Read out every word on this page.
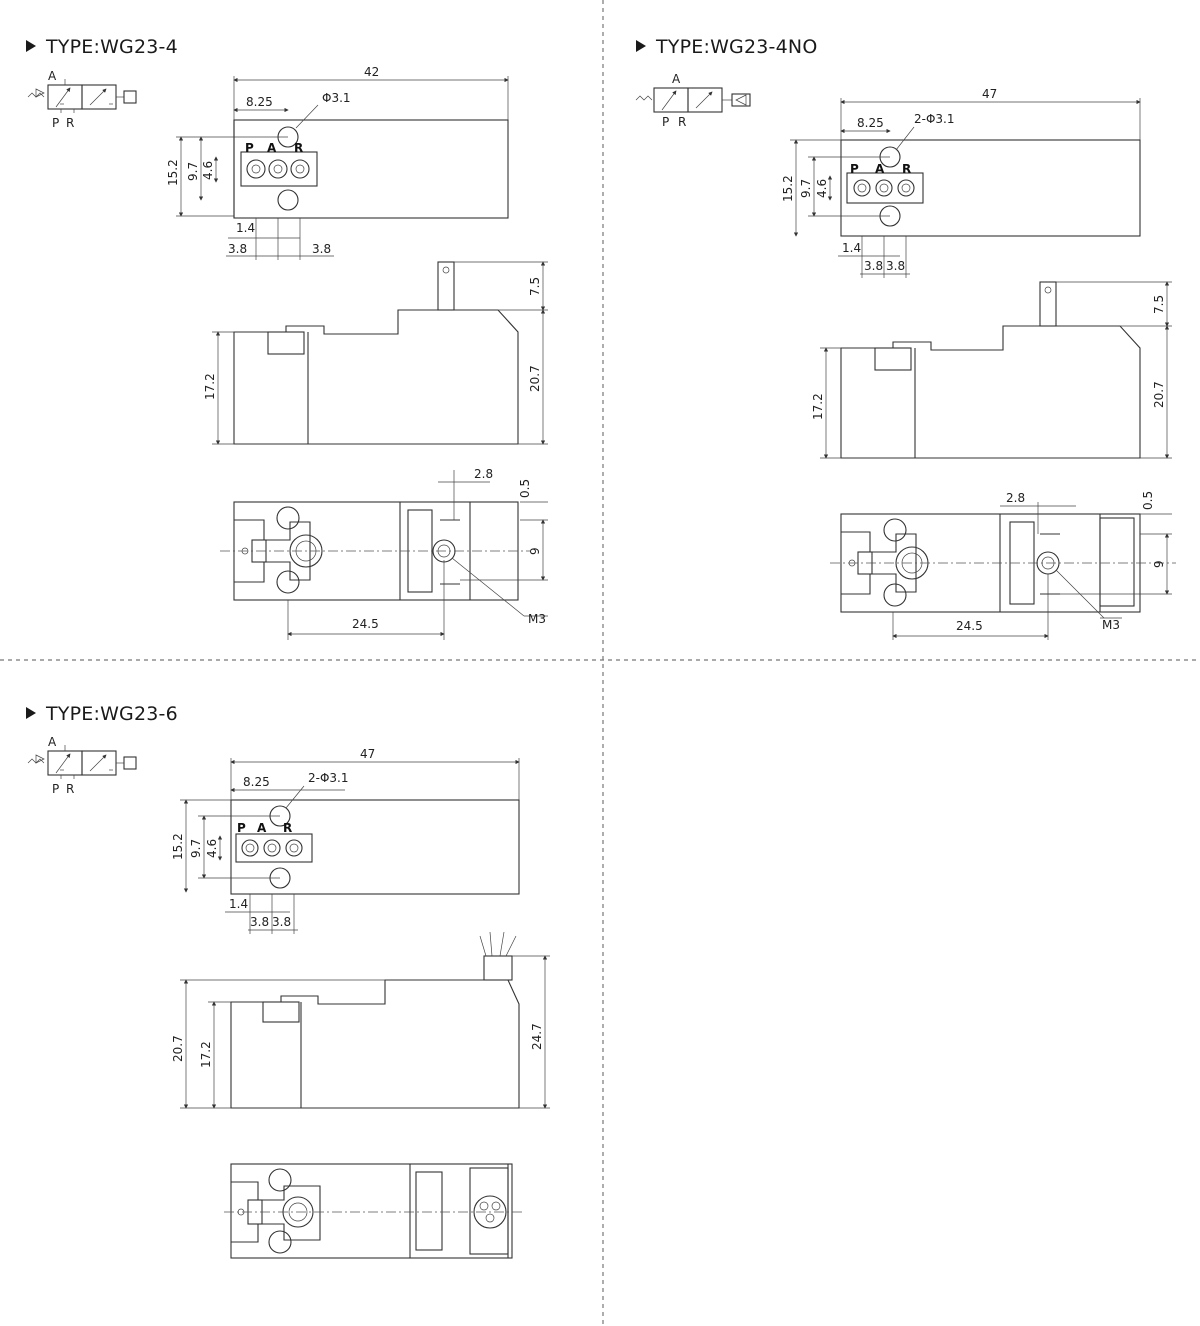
TYPE:WG23-4	TYPE:WG23-4NO
TYPE:WG23-6
A
P R
P A R
42
8.25	Φ3.1
15.2 9.7 4.6
1.4
3.8	3.8
7.5
20.7
17.2
2.8
0.5
9
24.5	M3
A
P R
P A R
47
8.25	2-Φ3.1
15.2 9.7 4.6
1.4
3.8 3.8
7.5
20.7
17.2
2.8	0.5
9
24.5	M3
A
P R
P A R
47
8.25	2-Φ3.1
15.2 9.7 4.6
1.4
3.8 3.8
24.7
20.7 17.2
